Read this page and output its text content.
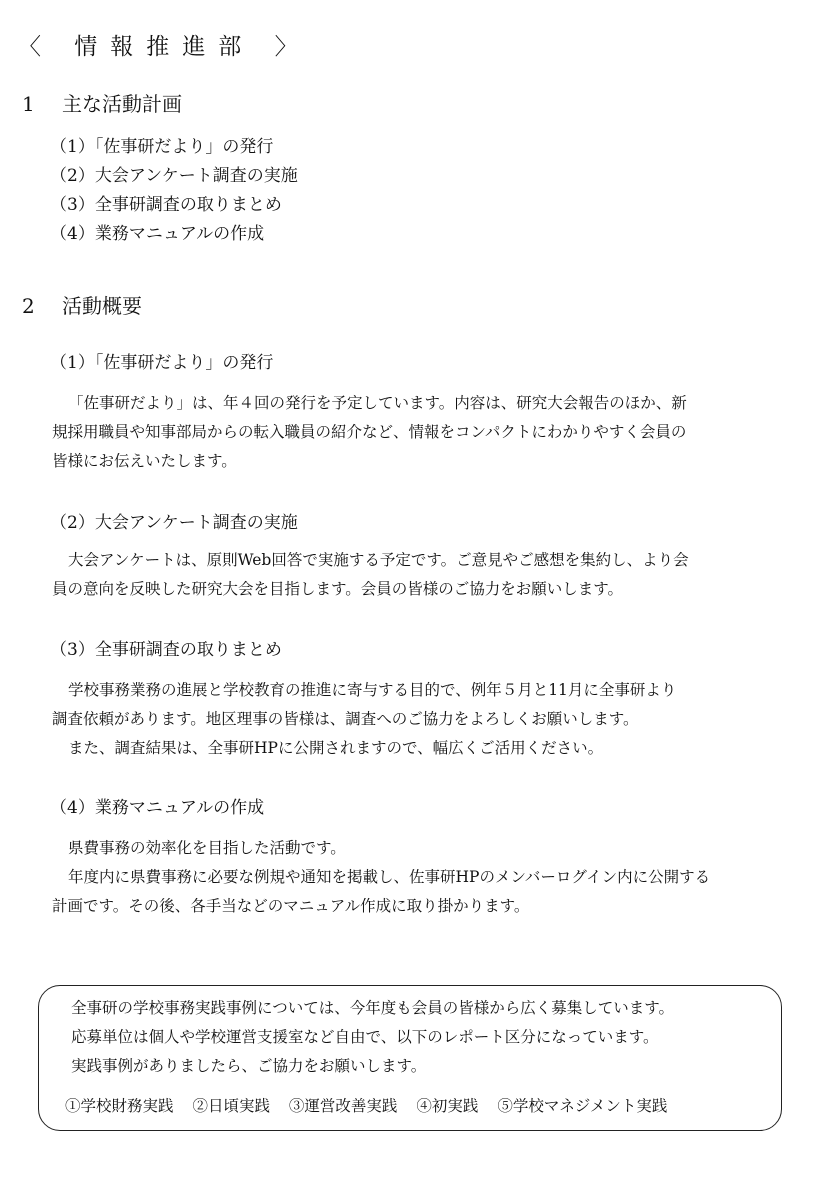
〈 情報推進部 〉
1 主な活動計画
（1）「佐事研だより」の発行
（2）大会アンケート調査の実施
（3）全事研調査の取りまとめ
（4）業務マニュアルの作成
2 活動概要
（1）「佐事研だより」の発行
「佐事研だより」は、年４回の発行を予定しています。内容は、研究大会報告のほか、新
規採用職員や知事部局からの転入職員の紹介など、情報をコンパクトにわかりやすく会員の
皆様にお伝えいたします。
（2）大会アンケート調査の実施
大会アンケートは、原則Web回答で実施する予定です。ご意見やご感想を集約し、より会
員の意向を反映した研究大会を目指します。会員の皆様のご協力をお願いします。
（3）全事研調査の取りまとめ
学校事務業務の進展と学校教育の推進に寄与する目的で、例年５月と11月に全事研より
調査依頼があります。地区理事の皆様は、調査へのご協力をよろしくお願いします。
また、調査結果は、全事研HPに公開されますので、幅広くご活用ください。
（4）業務マニュアルの作成
県費事務の効率化を目指した活動です。
年度内に県費事務に必要な例規や通知を掲載し、佐事研HPのメンバーログイン内に公開する
計画です。その後、各手当などのマニュアル作成に取り掛かります。
全事研の学校事務実践事例については、今年度も会員の皆様から広く募集しています。
応募単位は個人や学校運営支援室など自由で、以下のレポート区分になっています。
実践事例がありましたら、ご協力をお願いします。
①学校財務実践 ②日頃実践 ③運営改善実践 ④初実践 ⑤学校マネジメント実践
